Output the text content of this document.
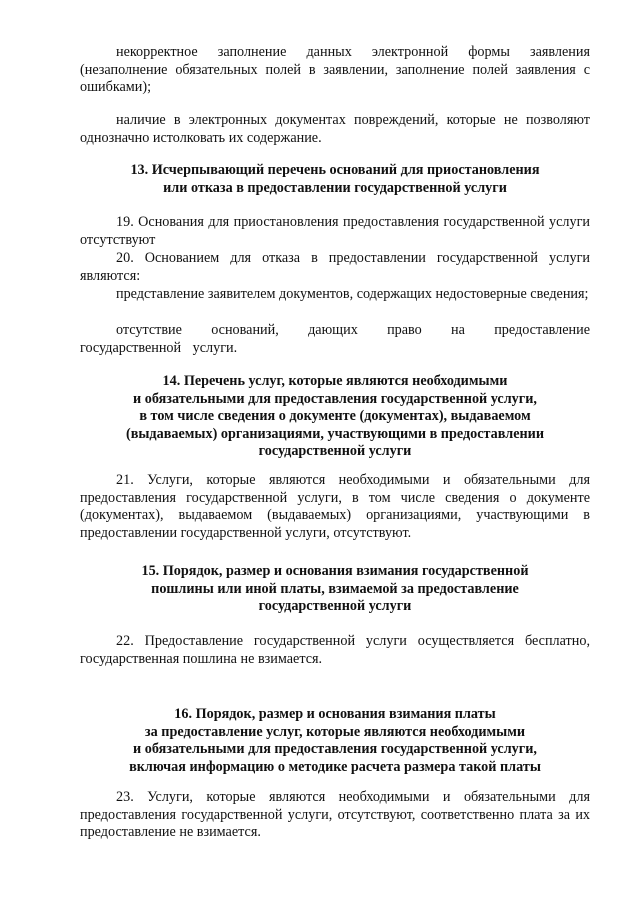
некорректное заполнение данных электронной формы заявления (незаполнение обязательных полей в заявлении, заполнение полей заявления с ошибками);

наличие в электронных документах повреждений, которые не позволяют однозначно истолковать их содержание.

13. Исчерпывающий перечень оснований для приостановления
или отказа в предоставлении государственной услуги

19. Основания для приостановления предоставления государственной услуги отсутствуют

20. Основанием для отказа в предоставлении государственной услуги являются:

представление заявителем документов, содержащих недостоверные сведения;

отсутствие оснований, дающих право на предоставление государственной услуги.

14. Перечень услуг, которые являются необходимыми
и обязательными для предоставления государственной услуги,
в том числе сведения о документе (документах), выдаваемом
(выдаваемых) организациями, участвующими в предоставлении
государственной услуги

21. Услуги, которые являются необходимыми и обязательными для предоставления государственной услуги, в том числе сведения о документе (документах), выдаваемом (выдаваемых) организациями, участвующими в предоставлении государственной услуги, отсутствуют.

15. Порядок, размер и основания взимания государственной
пошлины или иной платы, взимаемой за предоставление
государственной услуги

22. Предоставление государственной услуги осуществляется бесплатно, государственная пошлина не взимается.

16. Порядок, размер и основания взимания платы
за предоставление услуг, которые являются необходимыми
и обязательными для предоставления государственной услуги,
включая информацию о методике расчета размера такой платы

23. Услуги, которые являются необходимыми и обязательными для предоставления государственной услуги, отсутствуют, соответственно плата за их предоставление не взимается.
